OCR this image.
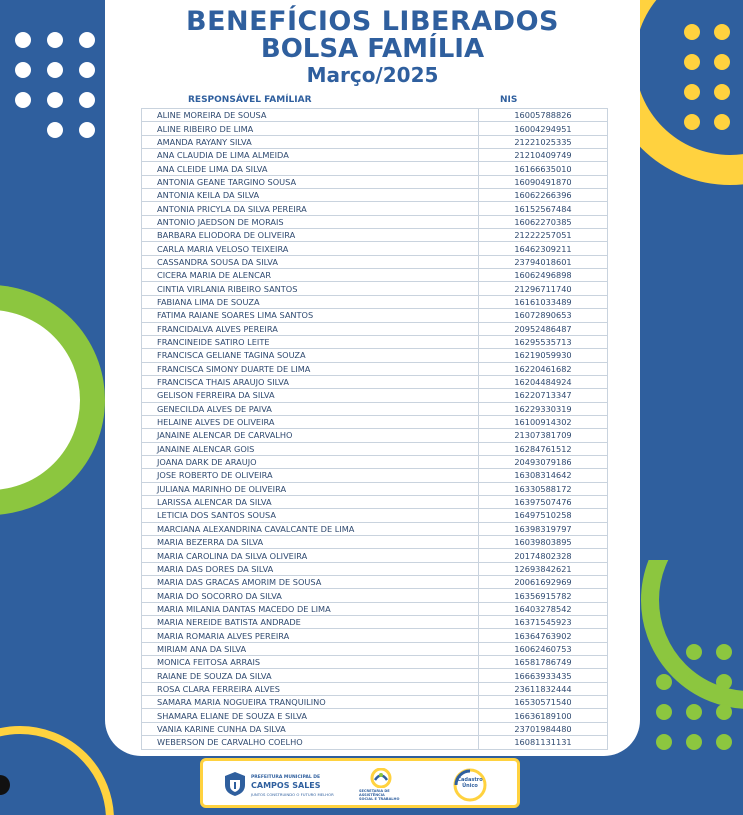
BENEFÍCIOS LIBERADOS
BOLSA FAMÍLIA
Março/2025
RESPONSÁVEL FAMÍLIAR	NIS
ALINE MOREIRA DE SOUSA	16005788826
ALINE RIBEIRO DE LIMA	16004294951
AMANDA RAYANY SILVA	21221025335
ANA CLAUDIA DE LIMA ALMEIDA	21210409749
ANA CLEIDE LIMA DA SILVA	16166635010
ANTONIA GEANE TARGINO SOUSA	16090491870
ANTONIA KEILA DA SILVA	16062266396
ANTONIA PRICYLA DA SILVA PEREIRA	16152567484
ANTONIO JAEDSON DE MORAIS	16062270385
BARBARA ELIODORA DE OLIVEIRA	21222257051
CARLA MARIA VELOSO TEIXEIRA	16462309211
CASSANDRA SOUSA DA SILVA	23794018601
CICERA MARIA DE ALENCAR	16062496898
CINTIA VIRLANIA RIBEIRO SANTOS	21296711740
FABIANA LIMA DE SOUZA	16161033489
FATIMA RAIANE SOARES LIMA SANTOS	16072890653
FRANCIDALVA ALVES PEREIRA	20952486487
FRANCINEIDE SATIRO LEITE	16295535713
FRANCISCA GELIANE TAGINA SOUZA	16219059930
FRANCISCA SIMONY DUARTE DE LIMA	16220461682
FRANCISCA THAIS ARAUJO SILVA	16204484924
GELISON FERREIRA DA SILVA	16220713347
GENECILDA ALVES DE PAIVA	16229330319
HELAINE ALVES DE OLIVEIRA	16100914302
JANAINE ALENCAR DE CARVALHO	21307381709
JANAINE ALENCAR GOIS	16284761512
JOANA DARK DE ARAUJO	20493079186
JOSE ROBERTO DE OLIVEIRA	16308314642
JULIANA MARINHO DE OLIVEIRA	16330588172
LARISSA ALENCAR DA SILVA	16397507476
LETICIA DOS SANTOS SOUSA	16497510258
MARCIANA ALEXANDRINA CAVALCANTE DE LIMA	16398319797
MARIA BEZERRA DA SILVA	16039803895
MARIA CAROLINA DA SILVA OLIVEIRA	20174802328
MARIA DAS DORES DA SILVA	12693842621
MARIA DAS GRACAS AMORIM DE SOUSA	20061692969
MARIA DO SOCORRO DA SILVA	16356915782
MARIA MILANIA DANTAS MACEDO DE LIMA	16403278542
MARIA NEREIDE BATISTA ANDRADE	16371545923
MARIA ROMARIA ALVES PEREIRA	16364763902
MIRIAM ANA DA SILVA	16062460753
MONICA FEITOSA ARRAIS	16581786749
RAIANE DE SOUZA DA SILVA	16663933435
ROSA CLARA FERREIRA ALVES	23611832444
SAMARA MARIA NOGUEIRA TRANQUILINO	16530571540
SHAMARA ELIANE DE SOUZA E SILVA	16636189100
VANIA KARINE CUNHA DA SILVA	23701984480
WEBERSON DE CARVALHO COELHO	16081131131
PREFEITURA MUNICIPAL DE
CAMPOS SALES
JUNTOS CONSTRUINDO O FUTURO MELHOR
SECRETARIA DE
ASSISTÊNCIA
SOCIAL E TRABALHO
Cadastro
Único
